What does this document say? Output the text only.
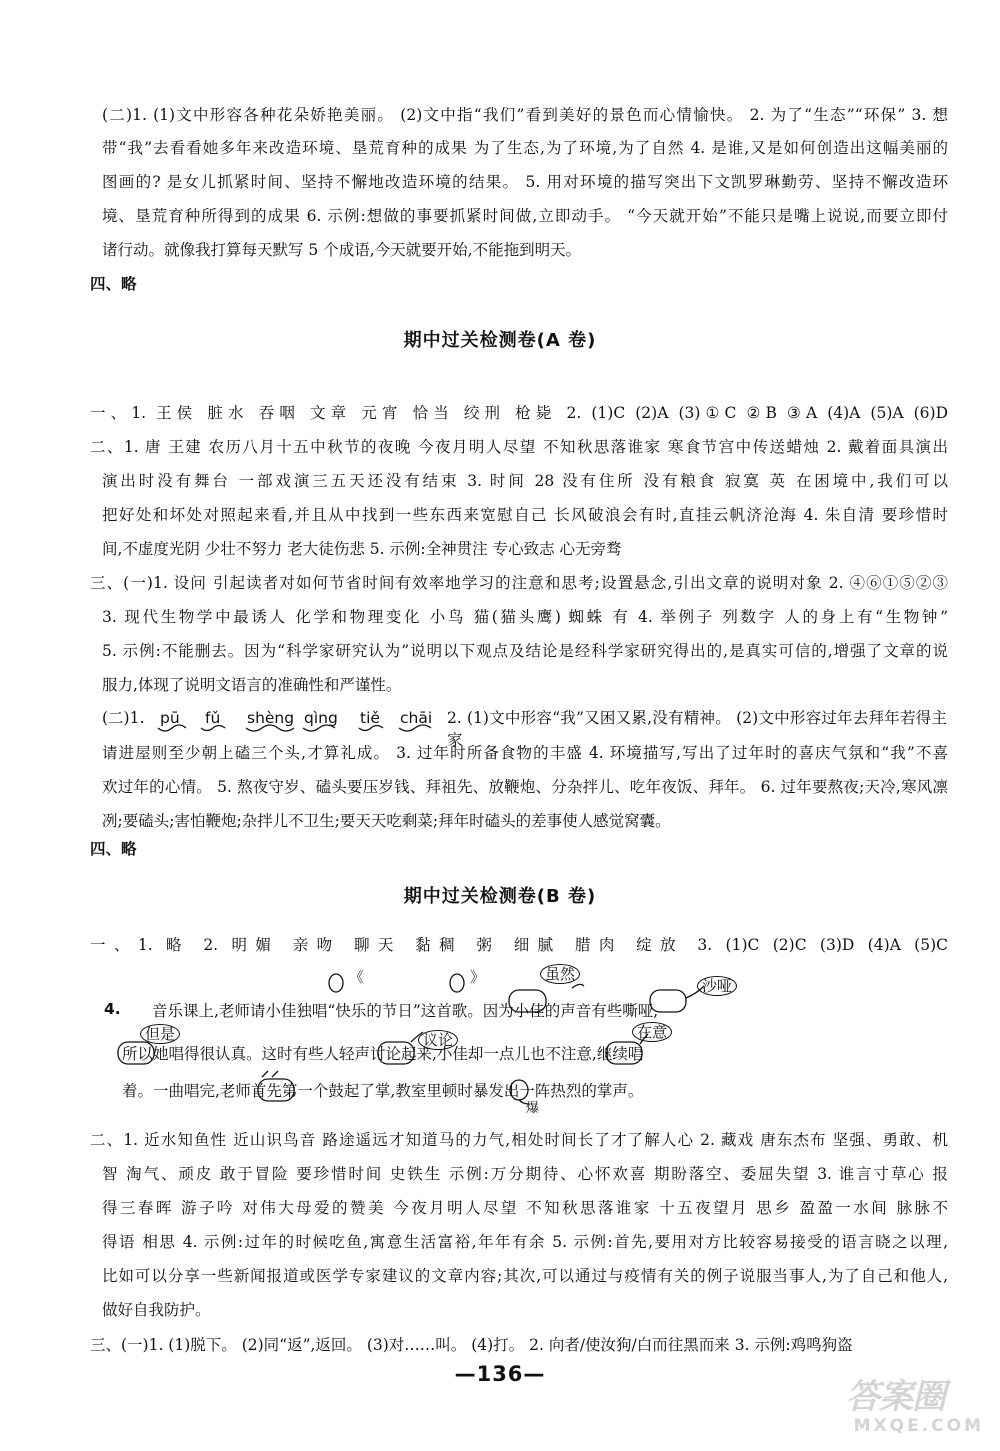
(二)1. (1)文中形容各种花朵娇艳美丽。 (2)文中指“我们”看到美好的景色而心情愉快。 2. 为了“生态”“环保” 3. 想
带“我”去看看她多年来改造环境、垦荒育种的成果 为了生态,为了环境,为了自然 4. 是谁,又是如何创造出这幅美丽的
图画的? 是女儿抓紧时间、坚持不懈地改造环境的结果。 5. 用对环境的描写突出下文凯罗琳勤劳、坚持不懈改造环
境、垦荒育种所得到的成果 6. 示例:想做的事要抓紧时间做,立即动手。 “今天就开始”不能只是嘴上说说,而要立即付
诸行动。就像我打算每天默写 5 个成语,今天就要开始,不能拖到明天。
四、略
期中过关检测卷(A 卷)
一、1. 王侯 脏水 吞咽 文章 元宵 恰当 绞刑 枪毙 2. (1)C (2)A (3)①C ②B ③A (4)A (5)A (6)D
二、1. 唐 王建 农历八月十五中秋节的夜晚 今夜月明人尽望 不知秋思落谁家 寒食节宫中传送蜡烛 2. 戴着面具演出
演出时没有舞台 一部戏演三五天还没有结束 3. 时间 28 没有住所 没有粮食 寂寞 英 在困境中,我们可以
把好处和坏处对照起来看,并且从中找到一些东西来宽慰自己 长风破浪会有时,直挂云帆济沧海 4. 朱自清 要珍惜时
间,不虚度光阴 少壮不努力 老大徒伤悲 5. 示例:全神贯注 专心致志 心无旁骛
三、(一)1. 设问 引起读者对如何节省时间有效率地学习的注意和思考;设置悬念,引出文章的说明对象 2. ④⑥①⑤②③
3. 现代生物学中最诱人 化学和物理变化 小鸟 猫(猫头鹰) 蜘蛛 有 4. 举例子 列数字 人的身上有“生物钟”
5. 示例:不能删去。因为“科学家研究认为”说明以下观点及结论是经科学家研究得出的,是真实可信的,增强了文章的说
服力,体现了说明文语言的准确性和严谨性。
(二)1. pū fǔ shèng qìng tiě chāi 2. (1)文中形容“我”又困又累,没有精神。 (2)文中形容过年去拜年若得主家
请进屋则至少朝上磕三个头,才算礼成。 3. 过年时所备食物的丰盛 4. 环境描写,写出了过年时的喜庆气氛和“我”不喜
欢过年的心情。 5. 熬夜守岁、磕头要压岁钱、拜祖先、放鞭炮、分杂拌儿、吃年夜饭、拜年。 6. 过年要熬夜;天冷,寒风凛
冽;要磕头;害怕鞭炮;杂拌儿不卫生;要天天吃剩菜;拜年时磕头的差事使人感觉窝囊。
四、略
期中过关检测卷(B 卷)
一、1. 略 2. 明媚 亲吻 聊天 黏稠 粥 细腻 腊肉 绽放 3. (1)C (2)C (3)D (4)A (5)C
4. 音乐课上,老师请小佳独唱“快乐的节日”这首歌。因为小佳的声音有些嘶哑,
所以她唱得很认真。这时有些人轻声讨论起来,小佳却一点儿也不注意,继续唱
着。一曲唱完,老师首先第一个鼓起了掌,教室里顿时暴发出一阵热烈的掌声。
《	》	虽然
沙哑
但是	议论	在意
爆
二、1. 近水知鱼性 近山识鸟音 路途遥远才知道马的力气,相处时间长了才了解人心 2. 藏戏 唐东杰布 坚强、勇敢、机
智 淘气、顽皮 敢于冒险 要珍惜时间 史铁生 示例:万分期待、心怀欢喜 期盼落空、委屈失望 3. 谁言寸草心 报
得三春晖 游子吟 对伟大母爱的赞美 今夜月明人尽望 不知秋思落谁家 十五夜望月 思乡 盈盈一水间 脉脉不
得语 相思 4. 示例:过年的时候吃鱼,寓意生活富裕,年年有余 5. 示例:首先,要用对方比较容易接受的语言晓之以理,
比如可以分享一些新闻报道或医学专家建议的文章内容;其次,可以通过与疫情有关的例子说服当事人,为了自己和他人,
做好自我防护。
三、(一)1. (1)脱下。 (2)同“返”,返回。 (3)对……叫。 (4)打。 2. 向者/使汝狗/白而往黑而来 3. 示例:鸡鸣狗盗
—136—
答案圈
MXQE.COM
